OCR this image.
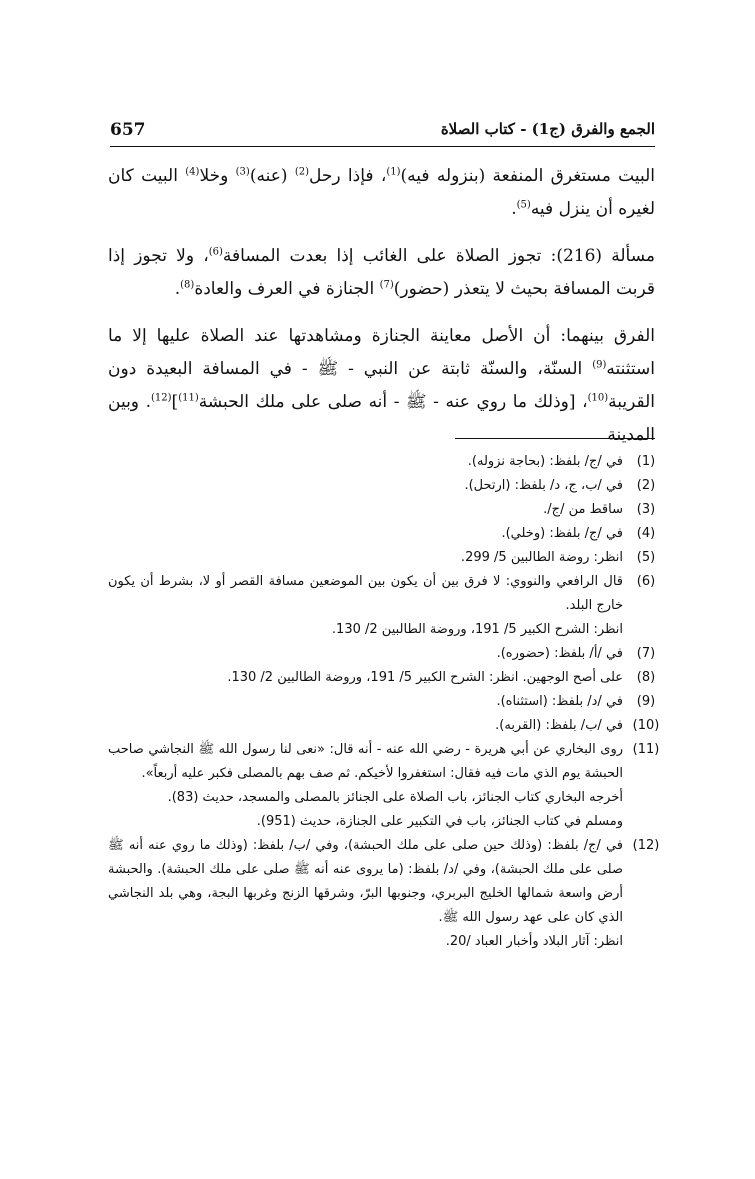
657	الجمع والفرق (ج1) - كتاب الصلاة

البيت مستغرق المنفعة (بنزوله فيه)$^{(1)}$، فإذا رحل$^{(2)}$ (عنه)$^{(3)}$ وخلا$^{(4)}$ البيت كان لغيره أن ينزل فيه$^{(5)}$.

مسألة (216): تجوز الصلاة على الغائب إذا بعدت المسافة$^{(6)}$، ولا تجوز إذا قربت المسافة بحيث لا يتعذر (حضور)$^{(7)}$ الجنازة في العرف والعادة$^{(8)}$.

الفرق بينهما: أن الأصل معاينة الجنازة ومشاهدتها عند الصلاة عليها إلا ما استثنته$^{(9)}$ السنّة، والسنّة ثابتة عن النبي - ﷺ - في المسافة البعيدة دون القريبة$^{(10)}$، [وذلك ما روي عنه - ﷺ - أنه صلى على ملك الحبشة$^{(11)}$]$^{(12)}$. وبين المدينة

(1)
في /ج/ بلفظ: (بحاجة نزوله).
(2)
في /ب، ج، د/ بلفظ: (ارتحل).
(3)
ساقط من /ج/.
(4)
في /ج/ بلفظ: (وخلي).
(5)
انظر: روضة الطالبين 5/ 299.
(6)
قال الرافعي والنووي: لا فرق بين أن يكون بين الموضعين مسافة القصر أو لا، بشرط أن يكون خارج البلد.
انظر: الشرح الكبير 5/ 191، وروضة الطالبين 2/ 130.
(7)
في /أ/ بلفظ: (حضوره).
(8)
على أصح الوجهين. انظر: الشرح الكبير 5/ 191، وروضة الطالبين 2/ 130.
(9)
في /د/ بلفظ: (استثناه).
(10)
في /ب/ بلفظ: (القربه).
(11)
روى البخاري عن أبي هريرة - رضي الله عنه - أنه قال: «نعى لنا رسول الله ﷺ النجاشي صاحب الحبشة يوم الذي مات فيه فقال: استغفروا لأخيكم. ثم صف بهم بالمصلى فكبر عليه أربعاً».
أخرجه البخاري كتاب الجنائز، باب الصلاة على الجنائز بالمصلى والمسجد، حديث (83).
ومسلم في كتاب الجنائز، باب في التكبير على الجنازة، حديث (951).
(12)
في /ج/ بلفظ: (وذلك حين صلى على ملك الحبشة)، وفي /ب/ بلفظ: (وذلك ما روي عنه أنه ﷺ صلى على ملك الحبشة)، وفي /د/ بلفظ: (ما يروى عنه أنه ﷺ صلى على ملك الحبشة). والحبشة أرض واسعة شمالها الخليج البربري، وجنوبها البرّ، وشرقها الزنج وغربها البجة، وهي بلد النجاشي الذي كان على عهد رسول الله ﷺ.
انظر: آثار البلاد وأخبار العباد /20.
